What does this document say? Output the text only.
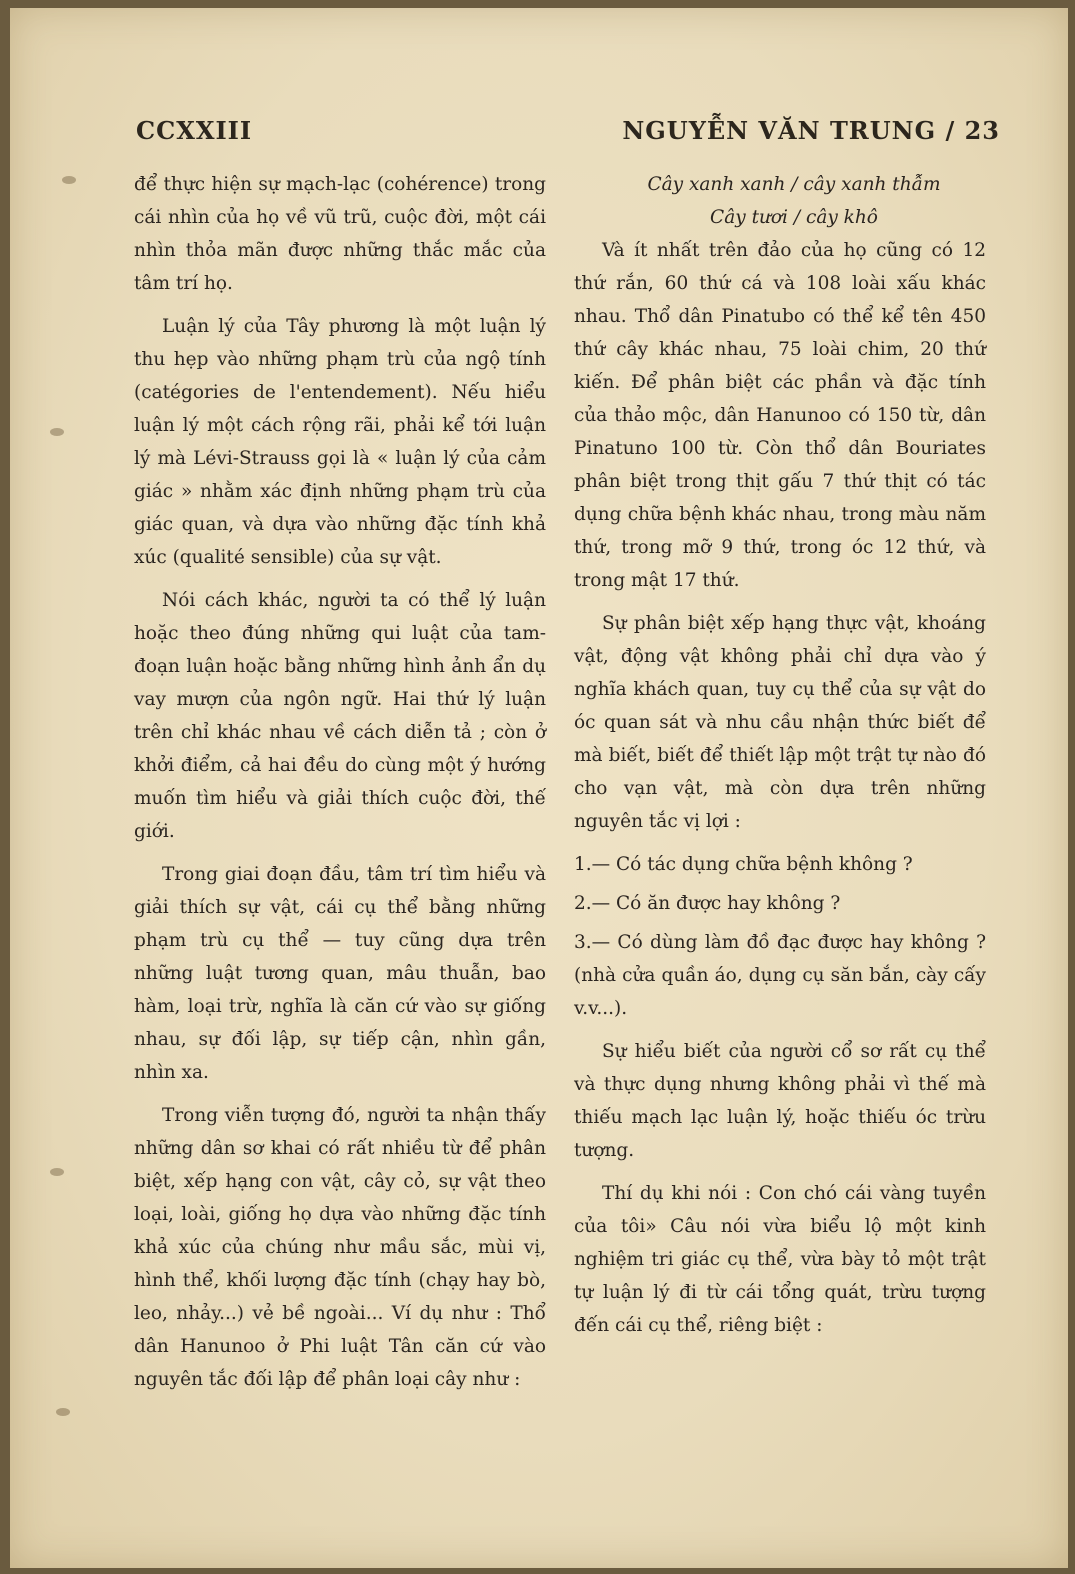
CCXXIII	NGUYỄN VĂN TRUNG / 23

để thực hiện sự mạch-lạc (cohérence) trong cái nhìn của họ về vũ trũ, cuộc đời, một cái nhìn thỏa mãn được những thắc mắc của tâm trí họ.

Luận lý của Tây phương là một luận lý thu hẹp vào những phạm trù của ngộ tính (catégories de l'entendement). Nếu hiểu luận lý một cách rộng rãi, phải kể tới luận lý mà Lévi-Strauss gọi là « luận lý của cảm giác » nhằm xác định những phạm trù của giác quan, và dựa vào những đặc tính khả xúc (qualité sensible) của sự vật.

Nói cách khác, người ta có thể lý luận hoặc theo đúng những qui luật của tam-đoạn luận hoặc bằng những hình ảnh ẩn dụ vay mượn của ngôn ngữ. Hai thứ lý luận trên chỉ khác nhau về cách diễn tả ; còn ở khởi điểm, cả hai đều do cùng một ý hướng muốn tìm hiểu và giải thích cuộc đời, thế giới.

Trong giai đoạn đầu, tâm trí tìm hiểu và giải thích sự vật, cái cụ thể bằng những phạm trù cụ thể — tuy cũng dựa trên những luật tương quan, mâu thuẫn, bao hàm, loại trừ, nghĩa là căn cứ vào sự giống nhau, sự đối lập, sự tiếp cận, nhìn gần, nhìn xa.

Trong viễn tượng đó, người ta nhận thấy những dân sơ khai có rất nhiều từ để phân biệt, xếp hạng con vật, cây cỏ, sự vật theo loại, loài, giống họ dựa vào những đặc tính khả xúc của chúng như mầu sắc, mùi vị, hình thể, khối lượng đặc tính (chạy hay bò, leo, nhảy...) vẻ bề ngoài... Ví dụ như : Thổ dân Hanunoo ở Phi luật Tân căn cứ vào nguyên tắc đối lập để phân loại cây như :

Cây xanh xanh / cây xanh thẫm

Cây tươi / cây khô

Và ít nhất trên đảo của họ cũng có 12 thứ rắn, 60 thứ cá và 108 loài xấu khác nhau. Thổ dân Pinatubo có thể kể tên 450 thứ cây khác nhau, 75 loài chim, 20 thứ kiến. Để phân biệt các phần và đặc tính của thảo mộc, dân Hanunoo có 150 từ, dân Pinatuno 100 từ. Còn thổ dân Bouriates phân biệt trong thịt gấu 7 thứ thịt có tác dụng chữa bệnh khác nhau, trong màu năm thứ, trong mỡ 9 thứ, trong óc 12 thứ, và trong mật 17 thứ.

Sự phân biệt xếp hạng thực vật, khoáng vật, động vật không phải chỉ dựa vào ý nghĩa khách quan, tuy cụ thể của sự vật do óc quan sát và nhu cầu nhận thức biết để mà biết, biết để thiết lập một trật tự nào đó cho vạn vật, mà còn dựa trên những nguyên tắc vị lợi :

1.— Có tác dụng chữa bệnh không ?

2.— Có ăn được hay không ?

3.— Có dùng làm đồ đạc được hay không ? (nhà cửa quần áo, dụng cụ săn bắn, cày cấy v.v...).

Sự hiểu biết của người cổ sơ rất cụ thể và thực dụng nhưng không phải vì thế mà thiếu mạch lạc luận lý, hoặc thiếu óc trừu tượng.

Thí dụ khi nói : Con chó cái vàng tuyền của tôi» Câu nói vừa biểu lộ một kinh nghiệm tri giác cụ thể, vừa bày tỏ một trật tự luận lý đi từ cái tổng quát, trừu tượng đến cái cụ thể, riêng biệt :
